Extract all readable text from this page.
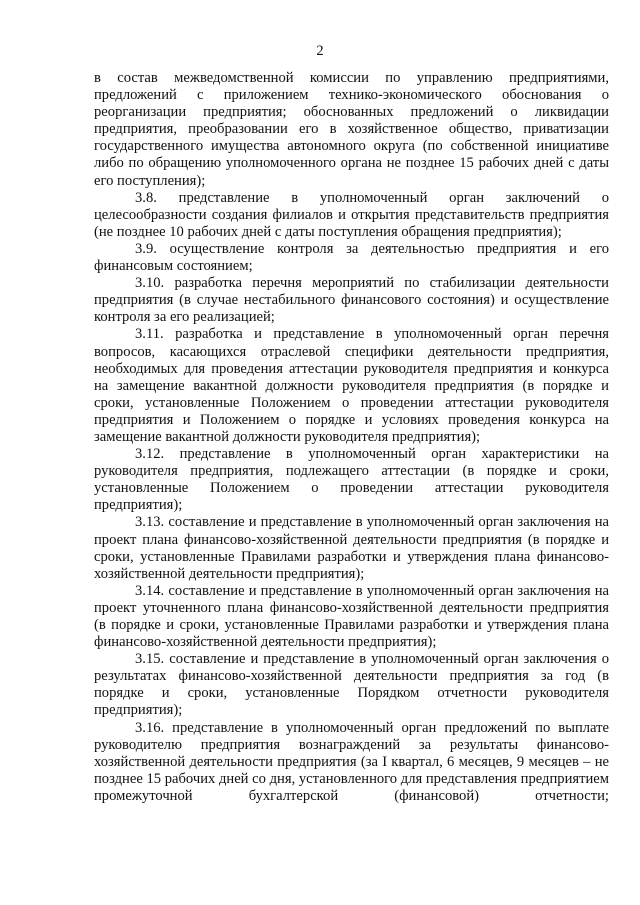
2

в состав межведомственной комиссии по управлению предприятиями, предложений с приложением технико-экономического обоснования о реорганизации предприятия; обоснованных предложений о ликвидации предприятия, преобразовании его в хозяйственное общество, приватизации государственного имущества автономного округа (по собственной инициативе либо по обращению уполномоченного органа не позднее 15 рабочих дней с даты его поступления);

3.8. представление в уполномоченный орган заключений о целесообразности создания филиалов и открытия представительств предприятия (не позднее 10 рабочих дней с даты поступления обращения предприятия);

3.9. осуществление контроля за деятельностью предприятия и его финансовым состоянием;

3.10. разработка перечня мероприятий по стабилизации деятельности предприятия (в случае нестабильного финансового состояния) и осуществление контроля за его реализацией;

3.11. разработка и представление в уполномоченный орган перечня вопросов, касающихся отраслевой специфики деятельности предприятия, необходимых для проведения аттестации руководителя предприятия и конкурса на замещение вакантной должности руководителя предприятия (в порядке и сроки, установленные Положением о проведении аттестации руководителя предприятия и Положением о порядке и условиях проведения конкурса на замещение вакантной должности руководителя предприятия);

3.12. представление в уполномоченный орган характеристики на руководителя предприятия, подлежащего аттестации (в порядке и сроки, установленные Положением о проведении аттестации руководителя предприятия);

3.13. составление и представление в уполномоченный орган заключения на проект плана финансово-хозяйственной деятельности предприятия (в порядке и сроки, установленные Правилами разработки и утверждения плана финансово-хозяйственной деятельности предприятия);

3.14. составление и представление в уполномоченный орган заключения на проект уточненного плана финансово-хозяйственной деятельности предприятия (в порядке и сроки, установленные Правилами разработки и утверждения плана финансово-хозяйственной деятельности предприятия);

3.15. составление и представление в уполномоченный орган заключения о результатах финансово-хозяйственной деятельности предприятия за год (в порядке и сроки, установленные Порядком отчетности руководителя предприятия);

3.16. представление в уполномоченный орган предложений по выплате руководителю предприятия вознаграждений за результаты финансово-хозяйственной деятельности предприятия (за I квартал, 6 месяцев, 9 месяцев – не позднее 15 рабочих дней со дня, установленного для представления предприятием промежуточной бухгалтерской (финансовой) отчетности;
